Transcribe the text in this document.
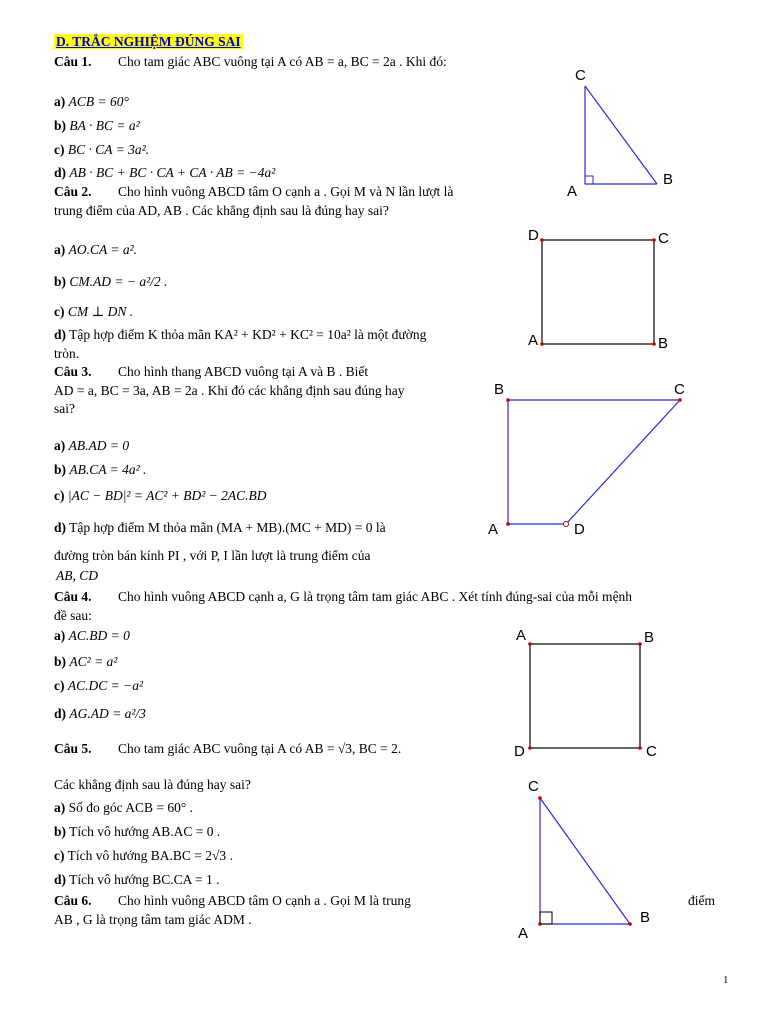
D. TRẮC NGHIỆM ĐÚNG SAI
Câu 1. Cho tam giác ABC vuông tại A có AB = a, BC = 2a . Khi đó:
a) ACB = 60°
b) BA · BC = a²
c) BC · CA = 3a².
d) AB · BC + BC · CA + CA · AB = −4a²
Câu 2. Cho hình vuông ABCD tâm O cạnh a . Gọi M và N lần lượt là
trung điểm của AD, AB . Các khẳng định sau là đúng hay sai?
a) AO.CA = a².
b) CM.AD = − a²/2 .
c) CM ⊥ DN .
d) Tập hợp điểm K thỏa mãn KA² + KD² + KC² = 10a² là một đường
tròn.
Câu 3. Cho hình thang ABCD vuông tại A và B . Biết
AD = a, BC = 3a, AB = 2a . Khi đó các khẳng định sau đúng hay
sai?
a) AB.AD = 0
b) AB.CA = 4a² .
c) |AC − BD|² = AC² + BD² − 2AC.BD
d) Tập hợp điểm M thỏa mãn (MA + MB).(MC + MD) = 0 là
đường tròn bán kính PI , với P, I lần lượt là trung điểm của
AB, CD
Câu 4. Cho hình vuông ABCD cạnh a, G là trọng tâm tam giác ABC . Xét tính đúng-sai của mỗi mệnh
đề sau:
a) AC.BD = 0
b) AC² = a²
c) AC.DC = −a²
d) AG.AD = a²/3
Câu 5. Cho tam giác ABC vuông tại A có AB = √3, BC = 2.
Các khẳng định sau là đúng hay sai?
a) Số đo góc ACB = 60° .
b) Tích vô hướng AB.AC = 0 .
c) Tích vô hướng BA.BC = 2√3 .
d) Tích vô hướng BC.CA = 1 .
Câu 6. Cho hình vuông ABCD tâm O cạnh a . Gọi M là trung	điểm
AB , G là trọng tâm tam giác ADM .
1
C
A
B
D	C
A	B
B	C
A	D
A	B
D	C
C
A
B
